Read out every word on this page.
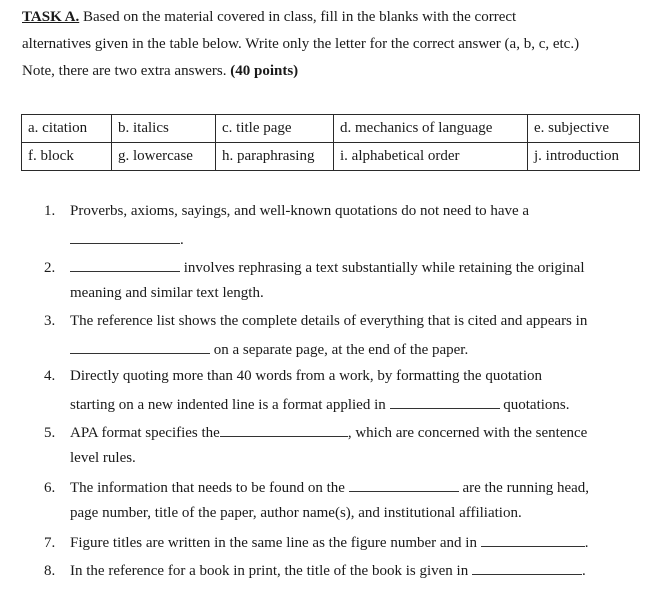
TASK A. Based on the material covered in class, fill in the blanks with the correct
alternatives given in the table below. Write only the letter for the correct answer (a, b, c, etc.)
Note, there are two extra answers. (40 points)
a. citation	b. italics	c. title page	d. mechanics of language	e. subjective
f. block	g. lowercase	h. paraphrasing	i. alphabetical order	j. introduction
1. Proverbs, axioms, sayings, and well-known quotations do not need to have a
.
2.	involves rephrasing a text substantially while retaining the original
meaning and similar text length.
3. The reference list shows the complete details of everything that is cited and appears in
on a separate page, at the end of the paper.
4. Directly quoting more than 40 words from a work, by formatting the quotation
starting on a new indented line is a format applied in	quotations.
5. APA format specifies the	, which are concerned with the sentence
level rules.
6. The information that needs to be found on the	are the running head,
page number, title of the paper, author name(s), and institutional affiliation.
7. Figure titles are written in the same line as the figure number and in	.
8. In the reference for a book in print, the title of the book is given in	.
